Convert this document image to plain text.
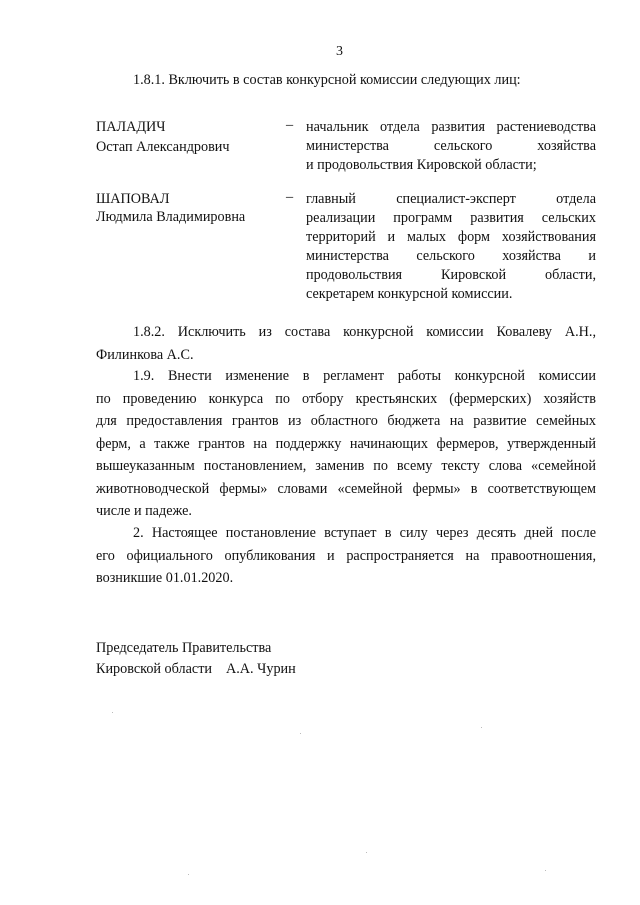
3
1.8.1. Включить в состав конкурсной комиссии следующих лиц:
ПАЛАДИЧ
Остап Александрович
– начальник отдела развития растениеводства
министерства сельского хозяйства
и продовольствия Кировской области;
ШАПОВАЛ
Людмила Владимировна
– главный специалист-эксперт отдела
реализации программ развития сельских
территорий и малых форм хозяйствования
министерства сельского хозяйства и
продовольствия Кировской области,
секретарем конкурсной комиссии.
1.8.2. Исключить из состава конкурсной комиссии Ковалеву А.Н.,
Филинкова А.С.
1.9. Внести изменение в регламент работы конкурсной комиссии
по проведению конкурса по отбору крестьянских (фермерских) хозяйств
для предоставления грантов из областного бюджета на развитие семейных
ферм, а также грантов на поддержку начинающих фермеров, утвержденный
вышеуказанным постановлением, заменив по всему тексту слова «семейной
животноводческой фермы» словами «семейной фермы» в соответствующем
числе и падеже.
2. Настоящее постановление вступает в силу через десять дней после
его официального опубликования и распространяется на правоотношения,
возникшие 01.01.2020.
Председатель Правительства
Кировской области А.А. Чурин
